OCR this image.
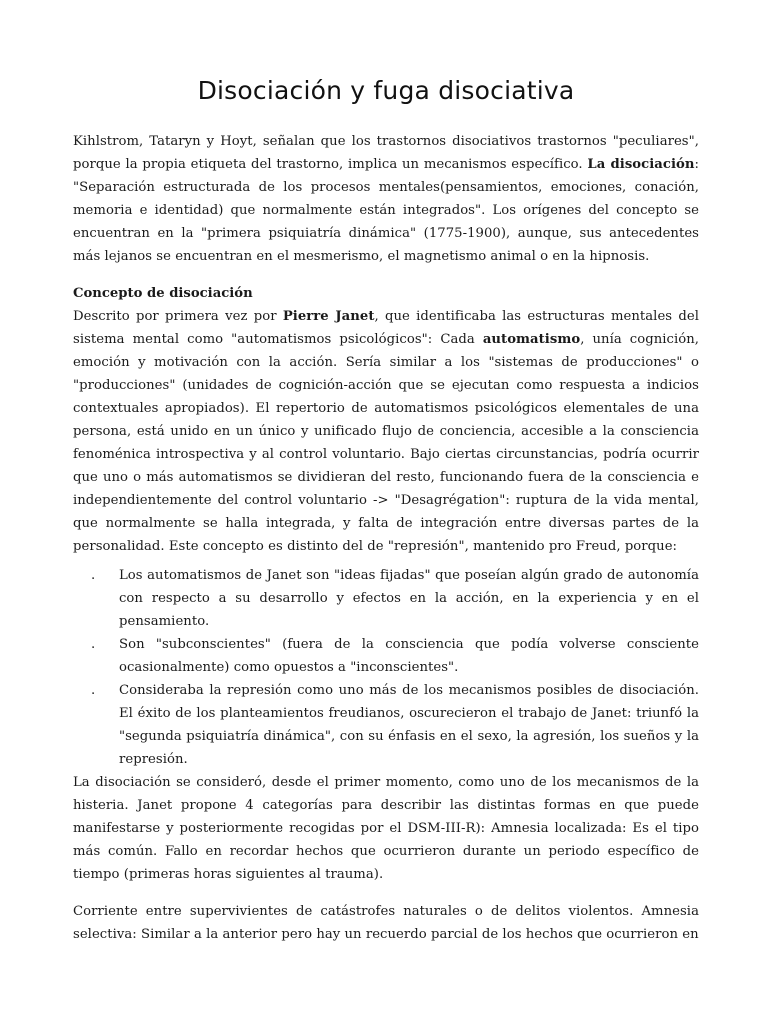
Disociación y fuga disociativa

Kihlstrom, Tataryn y Hoyt, señalan que los trastornos disociativos trastornos "peculiares", porque la propia etiqueta del trastorno, implica un mecanismos específico. La disociación: "Separación estructurada de los procesos mentales(pensamientos, emociones, conación, memoria e identidad) que normalmente están integrados". Los orígenes del concepto se encuentran en la "primera psiquiatría dinámica" (1775-1900), aunque, sus antecedentes más lejanos se encuentran en el mesmerismo, el magnetismo animal o en la hipnosis.

Concepto de disociación

Descrito por primera vez por Pierre Janet, que identificaba las estructuras mentales del sistema mental como "automatismos psicológicos": Cada automatismo, unía cognición, emoción y motivación con la acción. Sería similar a los "sistemas de producciones" o "producciones" (unidades de cognición-acción que se ejecutan como respuesta a indicios contextuales apropiados). El repertorio de automatismos psicológicos elementales de una persona, está unido en un único y unificado flujo de conciencia, accesible a la consciencia fenoménica introspectiva y al control voluntario. Bajo ciertas circunstancias, podría ocurrir que uno o más automatismos se dividieran del resto, funcionando fuera de la consciencia e independientemente del control voluntario -> "Desagrégation": ruptura de la vida mental, que normalmente se halla integrada, y falta de integración entre diversas partes de la personalidad. Este concepto es distinto del de "represión", mantenido pro Freud, porque:

. Los automatismos de Janet son "ideas fijadas" que poseían algún grado de autonomía con respecto a su desarrollo y efectos en la acción, en la experiencia y en el pensamiento.
. Son "subconscientes" (fuera de la consciencia que podía volverse consciente ocasionalmente) como opuestos a "inconscientes".
. Consideraba la represión como uno más de los mecanismos posibles de disociación. El éxito de los planteamientos freudianos, oscurecieron el trabajo de Janet: triunfó la "segunda psiquiatría dinámica", con su énfasis en el sexo, la agresión, los sueños y la represión.

La disociación se consideró, desde el primer momento, como uno de los mecanismos de la histeria. Janet propone 4 categorías para describir las distintas formas en que puede manifestarse y posteriormente recogidas por el DSM-III-R): Amnesia localizada: Es el tipo más común. Fallo en recordar hechos que ocurrieron durante un periodo específico de tiempo (primeras horas siguientes al trauma).

Corriente entre supervivientes de catástrofes naturales o de delitos violentos. Amnesia selectiva: Similar a la anterior pero hay un recuerdo parcial de los hechos que ocurrieron en
